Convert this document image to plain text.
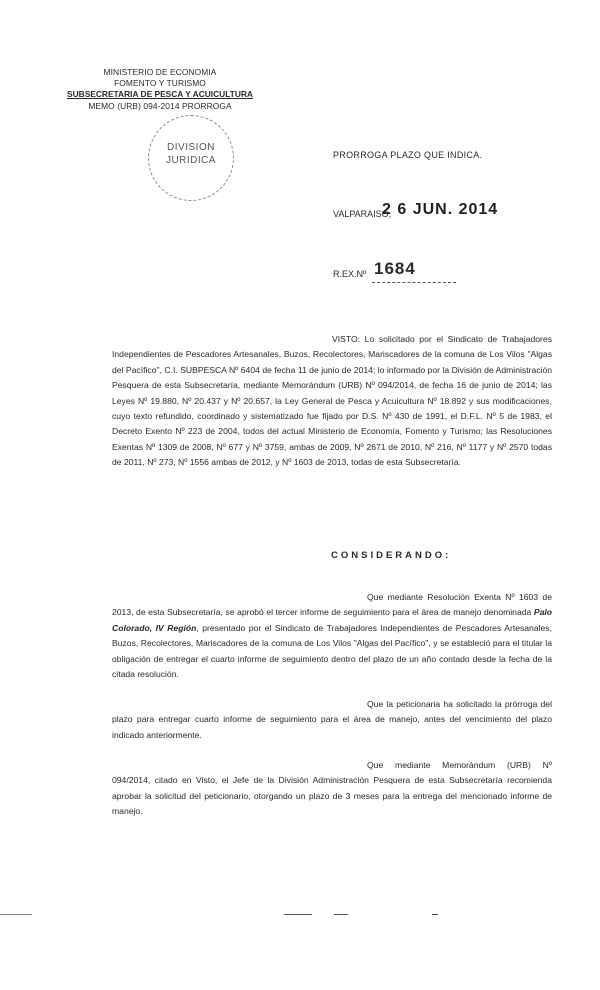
MINISTERIO DE ECONOMIA
FOMENTO Y TURISMO
SUBSECRETARIA DE PESCA Y ACUICULTURA
MEMO (URB) 094-2014 PRORROGA
DIVISION
JURIDICA	PRORROGA PLAZO QUE INDICA.
VALPARAISO,
2 6 JUN. 2014
R.EX.Nº 1684
VISTO: Lo solicitado por el Sindicato de Trabajadores Independientes de Pescadores Artesanales, Buzos, Recolectores, Mariscadores de la comuna de Los Vilos "Algas del Pacífico", C.I. SUBPESCA Nº 6404 de fecha 11 de junio de 2014; lo informado por la División de Administración Pesquera de esta Subsecretaría, mediante Memorándum (URB) Nº 094/2014, de fecha 16 de junio de 2014; las Leyes Nº 19.880, Nº 20.437 y Nº 20.657, la Ley General de Pesca y Acuicultura Nº 18.892 y sus modificaciones, cuyo texto refundido, coordinado y sistematizado fue fijado por D.S. Nº 430 de 1991, el D.F.L. Nº 5 de 1983, el Decreto Exento Nº 223 de 2004, todos del actual Ministerio de Economía, Fomento y Turismo; las Resoluciones Exentas Nº 1309 de 2008, Nº 677 y Nº 3759, ambas de 2009, Nº 2671 de 2010, Nº 216, Nº 1177 y Nº 2570 todas de 2011, Nº 273, Nº 1556 ambas de 2012, y Nº 1603 de 2013, todas de esta Subsecretaría.
CONSIDERANDO:
Que mediante Resolución Exenta Nº 1603 de 2013, de esta Subsecretaría, se aprobó el tercer informe de seguimiento para el área de manejo denominada Palo Colorado, IV Región, presentado por el Sindicato de Trabajadores Independientes de Pescadores Artesanales, Buzos, Recolectores, Mariscadores de la comuna de Los Vilos "Algas del Pacífico", y se estableció para el titular la obligación de entregar el cuarto informe de seguimiento dentro del plazo de un año contado desde la fecha de la citada resolución.
Que la peticionaria ha solicitado la prórroga del plazo para entregar cuarto informe de seguimiento para el área de manejo, antes del vencimiento del plazo indicado anteriormente.
Que mediante Memorándum (URB) Nº 094/2014, citado en Visto, el Jefe de la División Administración Pesquera de esta Subsecretaría recomienda aprobar la solicitud del peticionario, otorgando un plazo de 3 meses para la entrega del mencionado informe de manejo.
